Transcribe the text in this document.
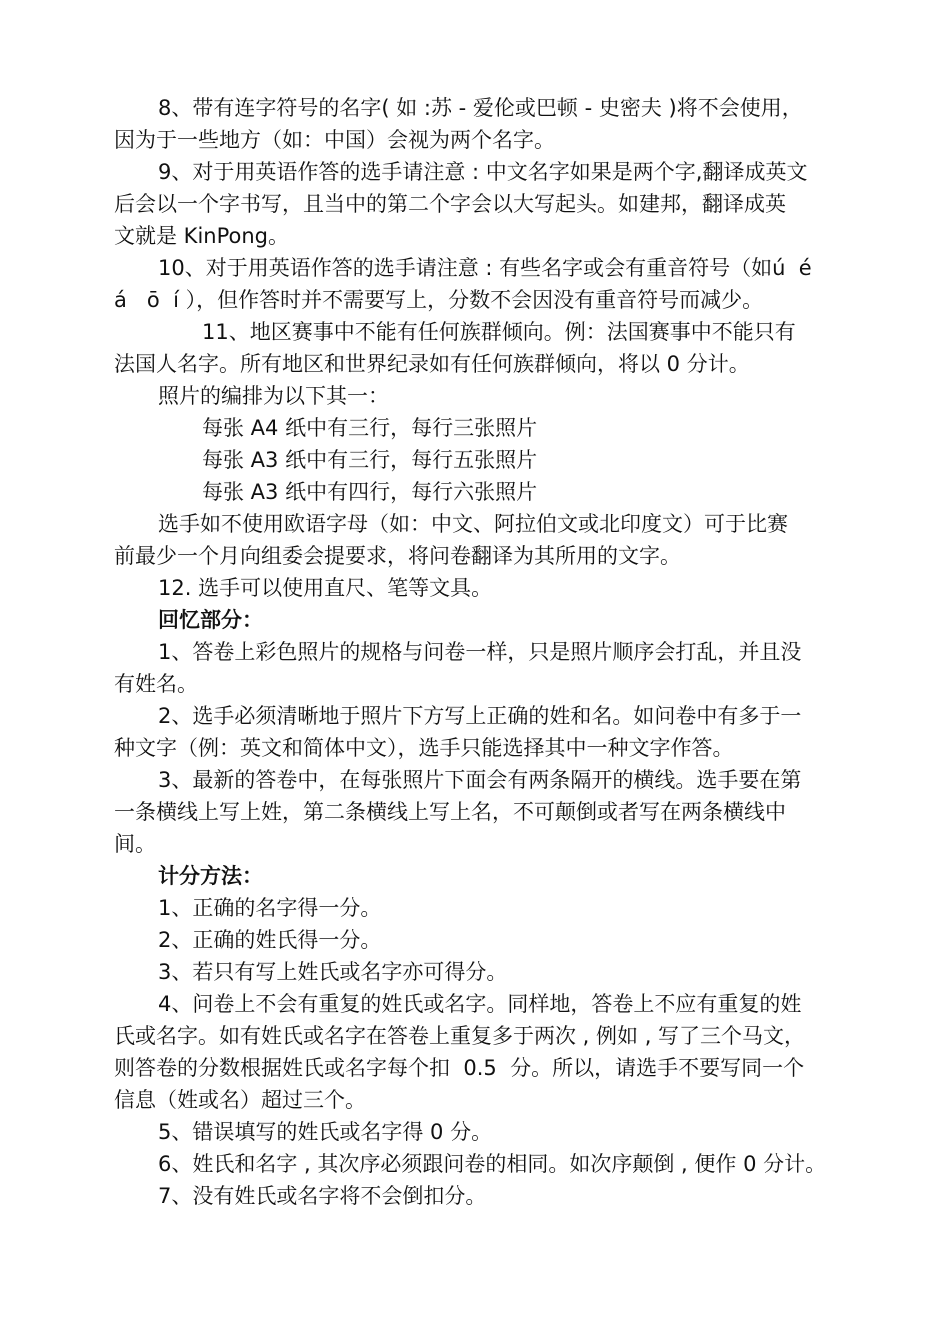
8、带有连字符号的名字( 如 :苏 - 爱伦或巴顿 - 史密夫 )将不会使用，
因为于一些地方（如：中国）会视为两个名字。
9、对于用英语作答的选手请注意 : 中文名字如果是两个字,翻译成英文
后会以一个字书写，且当中的第二个字会以大写起头。如建邦，翻译成英
文就是 KinPong。
10、对于用英语作答的选手请注意 : 有些名字或会有重音符号（如ú  é
á   ō  í ），但作答时并不需要写上，分数不会因没有重音符号而减少。
11、地区赛事中不能有任何族群倾向。例：法国赛事中不能只有
法国人名字。所有地区和世界纪录如有任何族群倾向，将以 0 分计。
照片的编排为以下其一：
每张 A4 纸中有三行，每行三张照片
每张 A3 纸中有三行，每行五张照片
每张 A3 纸中有四行，每行六张照片
选手如不使用欧语字母（如：中文、阿拉伯文或北印度文）可于比赛
前最少一个月向组委会提要求，将问卷翻译为其所用的文字。
12. 选手可以使用直尺、笔等文具。
回忆部分：
1、答卷上彩色照片的规格与问卷一样，只是照片顺序会打乱，并且没
有姓名。
2、选手必须清晰地于照片下方写上正确的姓和名。如问卷中有多于一
种文字（例：英文和简体中文），选手只能选择其中一种文字作答。
3、最新的答卷中，在每张照片下面会有两条隔开的横线。选手要在第
一条横线上写上姓，第二条横线上写上名，不可颠倒或者写在两条横线中
间。
计分方法：
1、正确的名字得一分。
2、正确的姓氏得一分。
3、若只有写上姓氏或名字亦可得分。
4、问卷上不会有重复的姓氏或名字。同样地，答卷上不应有重复的姓
氏或名字。如有姓氏或名字在答卷上重复多于两次 , 例如 , 写了三个马文，
则答卷的分数根据姓氏或名字每个扣  0.5  分。所以，请选手不要写同一个
信息（姓或名）超过三个。
5、错误填写的姓氏或名字得 0 分。
6、姓氏和名字 , 其次序必须跟问卷的相同。如次序颠倒 , 便作 0 分计。
7、没有姓氏或名字将不会倒扣分。
